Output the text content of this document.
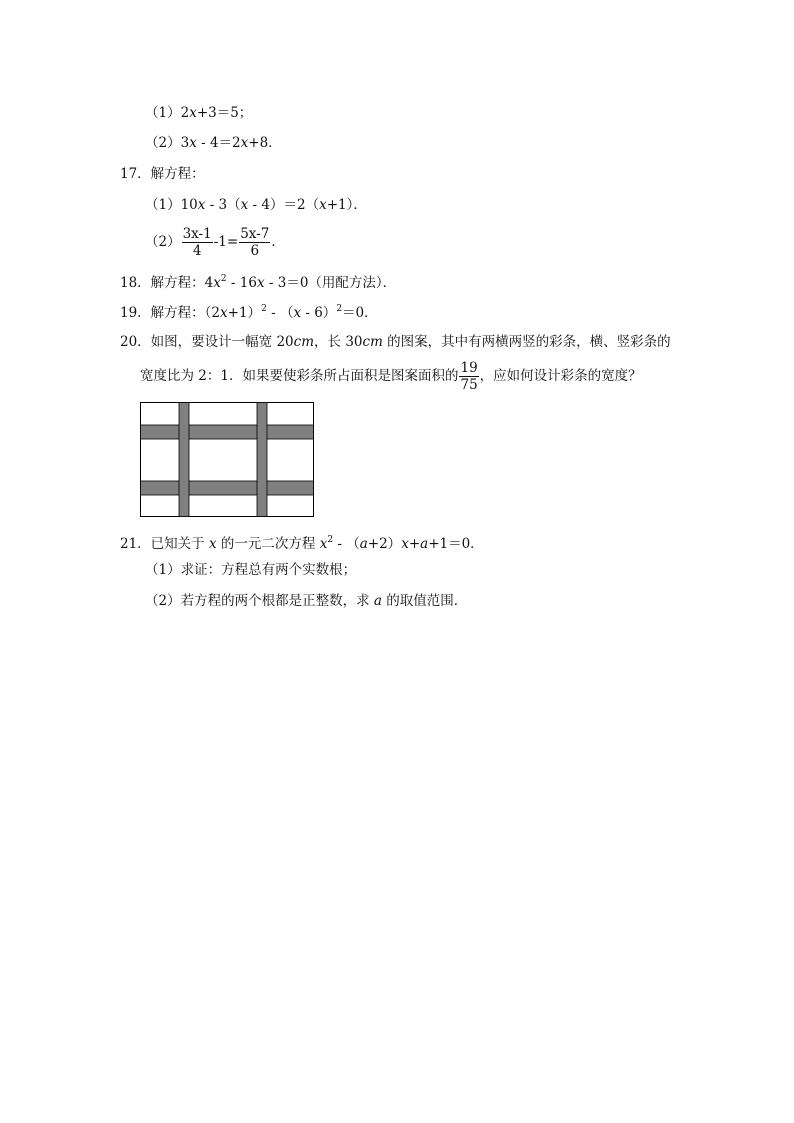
（1）2x+3＝5；
（2）3x - 4＝2x+8．
17．解方程：
（1）10x - 3（x - 4）＝2（x+1）．
$(2) \frac{3x-1}{4} -1= \frac{5x-7}{6}$ ．
18．解方程：$4x^2 - 16x - 3=0$（用配方法）．
19．解方程：$(2x+1)^2 - (x - 6)^2=0$．
20．如图，要设计一幅宽 20cm，长 30cm 的图案，其中有两横两竖的彩条，横、竖彩条的
宽度比为 2：1．如果要使彩条所占面积是图案面积的 $\frac{19}{75}$ ，应如何设计彩条的宽度？
21．已知关于 x 的一元二次方程 $x^2 - (a+2)x+a+1=0$．
（1）求证：方程总有两个实数根；
（2）若方程的两个根都是正整数，求 a 的取值范围．
